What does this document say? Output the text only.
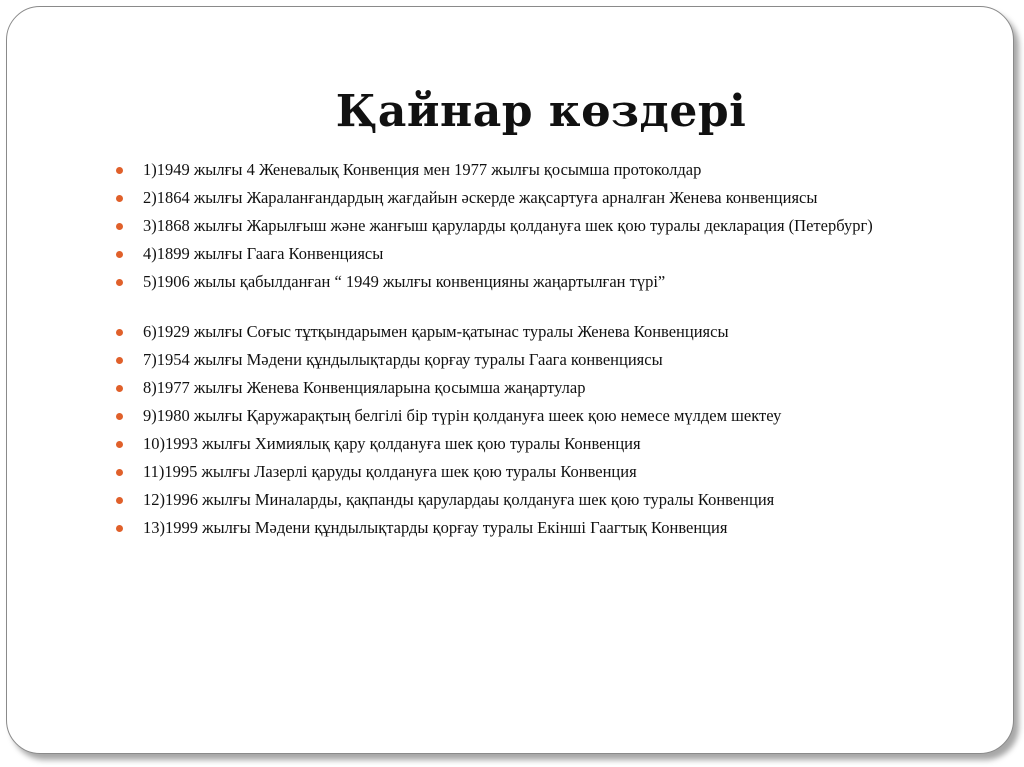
Қайнар көздері
1)1949 жылғы 4 Женевалық Конвенция мен 1977 жылғы қосымша протоколдар
2)1864 жылғы Жараланғандардың жағдайын әскерде жақсартуға арналған Женева конвенциясы
3)1868 жылғы Жарылғыш және жанғыш қаруларды қолдануға шек қою туралы декларация (Петербург)
4)1899 жылғы Гаага Конвенциясы
5)1906 жылы қабылданған “ 1949 жылғы конвенцияны жаңартылған түрі”
6)1929 жылғы Соғыс тұтқындарымен қарым-қатынас туралы Женева Конвенциясы
7)1954 жылғы Мәдени құндылықтарды қорғау туралы Гаага конвенциясы
8)1977 жылғы Женева Конвенцияларына қосымша жаңартулар
9)1980 жылғы Қаружарақтың белгілі бір түрін қолдануға шеек қою немесе мүлдем шектеу
10)1993 жылғы Химиялық қару қолдануға шек қою туралы Конвенция
11)1995 жылғы Лазерлі қаруды қолдануға шек қою туралы Конвенция
12)1996 жылғы Миналарды, қақпанды қарулардаы қолдануға шек қою туралы Конвенция
13)1999 жылғы Мәдени құндылықтарды қорғау туралы Екінші Гаагтық Конвенция
